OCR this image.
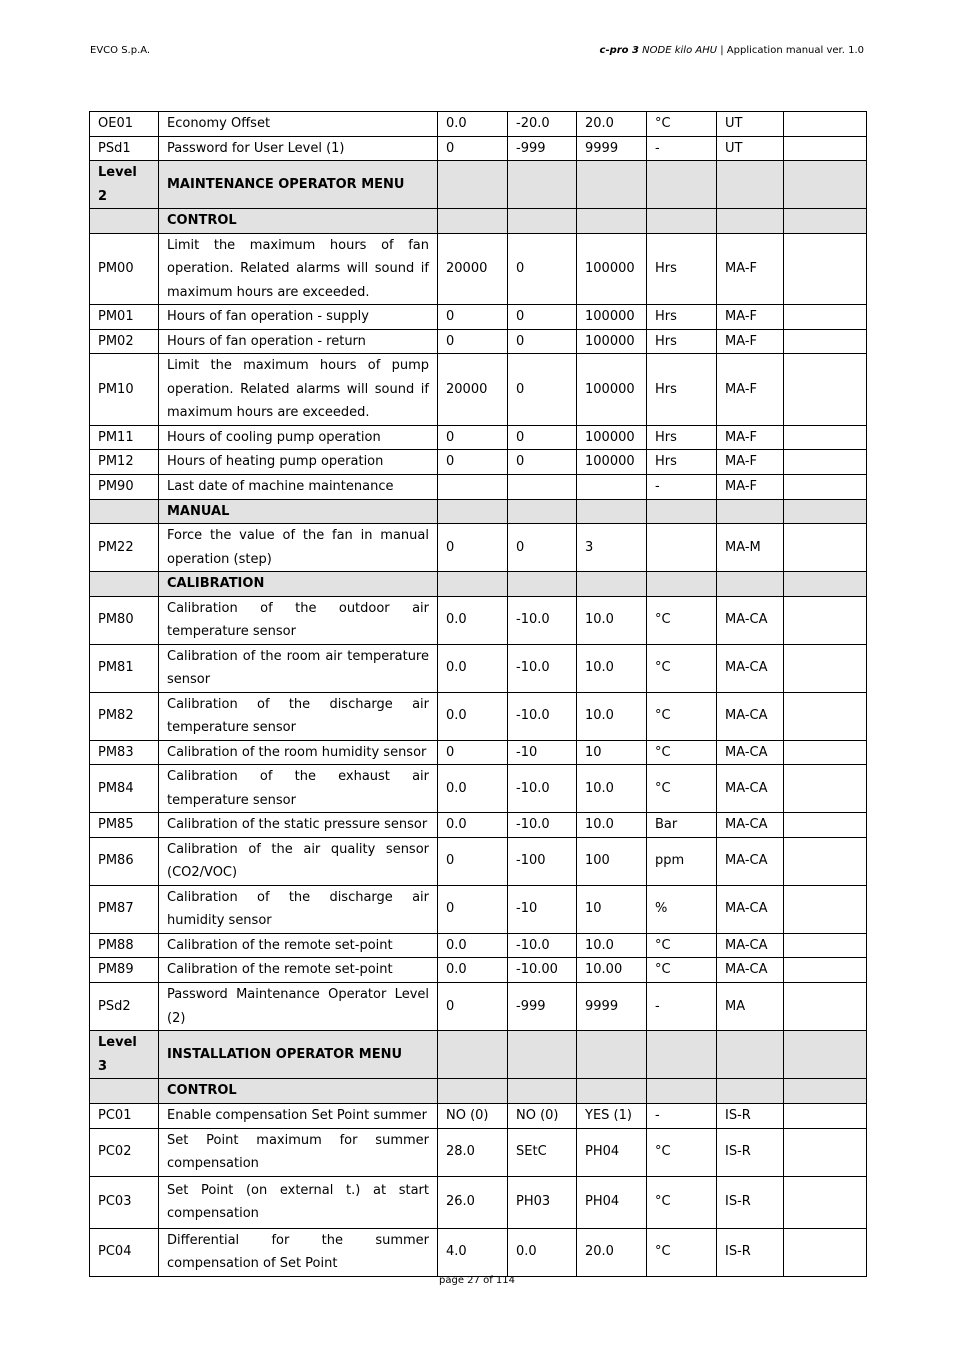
EVCO S.p.A.	c-pro 3 NODE kilo AHU | Application manual ver. 1.0
OE01	Economy Offset	0.0	-20.0	20.0	°C	UT	
PSd1	Password for User Level (1)	0	-999	9999	-	UT	
Level 2	MAINTENANCE OPERATOR MENU						
	CONTROL						
PM00	Limit the maximum hours of fan operation. Related alarms will sound if maximum hours are exceeded.	20000	0	100000	Hrs	MA-F	
PM01	Hours of fan operation - supply	0	0	100000	Hrs	MA-F	
PM02	Hours of fan operation - return	0	0	100000	Hrs	MA-F	
PM10	Limit the maximum hours of pump operation. Related alarms will sound if maximum hours are exceeded.	20000	0	100000	Hrs	MA-F	
PM11	Hours of cooling pump operation	0	0	100000	Hrs	MA-F	
PM12	Hours of heating pump operation	0	0	100000	Hrs	MA-F	
PM90	Last date of machine maintenance				-	MA-F	
	MANUAL						
PM22	Force the value of the fan in manual operation (step)	0	0	3		MA-M	
	CALIBRATION						
PM80	Calibration of the outdoor air temperature sensor	0.0	-10.0	10.0	°C	MA-CA	
PM81	Calibration of the room air temperature sensor	0.0	-10.0	10.0	°C	MA-CA	
PM82	Calibration of the discharge air temperature sensor	0.0	-10.0	10.0	°C	MA-CA	
PM83	Calibration of the room humidity sensor	0	-10	10	°C	MA-CA	
PM84	Calibration of the exhaust air temperature sensor	0.0	-10.0	10.0	°C	MA-CA	
PM85	Calibration of the static pressure sensor	0.0	-10.0	10.0	Bar	MA-CA	
PM86	Calibration of the air quality sensor (CO2/VOC)	0	-100	100	ppm	MA-CA	
PM87	Calibration of the discharge air humidity sensor	0	-10	10	%	MA-CA	
PM88	Calibration of the remote set-point	0.0	-10.0	10.0	°C	MA-CA	
PM89	Calibration of the remote set-point	0.0	-10.00	10.00	°C	MA-CA	
PSd2	Password Maintenance Operator Level (2)	0	-999	9999	-	MA	
Level 3	INSTALLATION OPERATOR MENU						
	CONTROL						
PC01	Enable compensation Set Point summer	NO (0)	NO (0)	YES (1)	-	IS-R	
PC02	Set Point maximum for summer compensation	28.0	SEtC	PH04	°C	IS-R	
PC03	Set Point (on external t.) at start compensation	26.0	PH03	PH04	°C	IS-R	
PC04	Differential for the summer compensation of Set Point	4.0	0.0	20.0	°C	IS-R	
page 27 of 114
